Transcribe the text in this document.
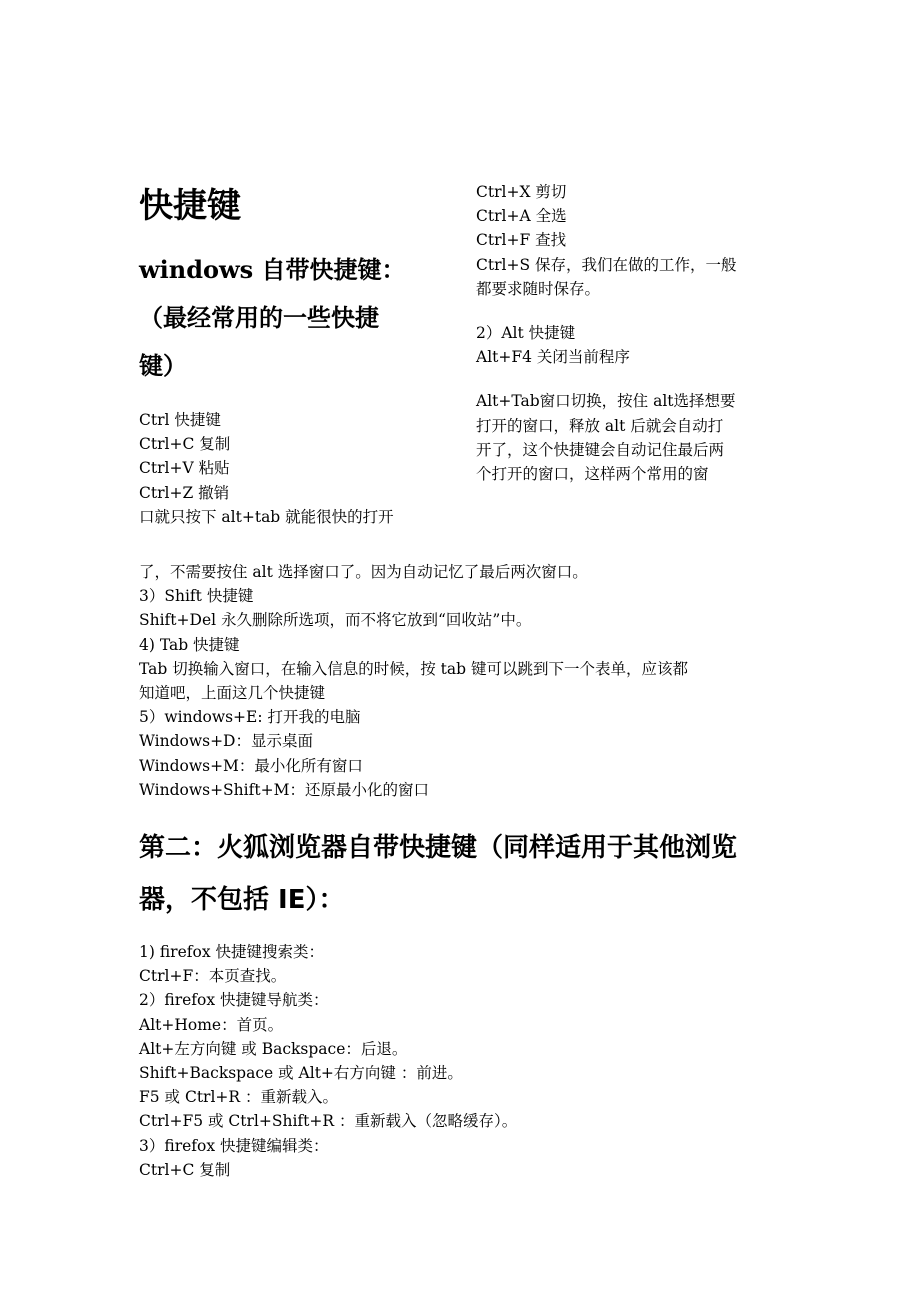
快捷键
windows 自带快捷键：
（最经常用的一些快捷
键）
Ctrl 快捷键
Ctrl+C 复制
Ctrl+V 粘贴
Ctrl+Z 撤销
口就只按下 alt+tab 就能很快的打开
Ctrl+X 剪切
Ctrl+A 全选
Ctrl+F 查找
Ctrl+S 保存，我们在做的工作，一般
都要求随时保存。
2）Alt 快捷键
Alt+F4 关闭当前程序
Alt+Tab窗口切换，按住 alt选择想要
打开的窗口，释放 alt 后就会自动打
开了，这个快捷键会自动记住最后两
个打开的窗口，这样两个常用的窗
了，不需要按住 alt 选择窗口了。因为自动记忆了最后两次窗口。
3）Shift 快捷键
Shift+Del 永久删除所选项，而不将它放到“回收站”中。
4) Tab 快捷键
Tab 切换输入窗口，在输入信息的时候，按 tab 键可以跳到下一个表单，应该都
知道吧，上面这几个快捷键
5）windows+E: 打开我的电脑
Windows+D：显示桌面
Windows+M：最小化所有窗口
Windows+Shift+M：还原最小化的窗口
第二：火狐浏览器自带快捷键（同样适用于其他浏览
器，不包括 IE）：
1) firefox 快捷键搜索类：
Ctrl+F：本页查找。
2）firefox 快捷键导航类：
Alt+Home：首页。
Alt+左方向键 或 Backspace：后退。
Shift+Backspace 或 Alt+右方向键 ：前进。
F5 或 Ctrl+R ：重新载入。
Ctrl+F5 或 Ctrl+Shift+R ：重新载入（忽略缓存）。
3）firefox 快捷键编辑类：
Ctrl+C 复制
